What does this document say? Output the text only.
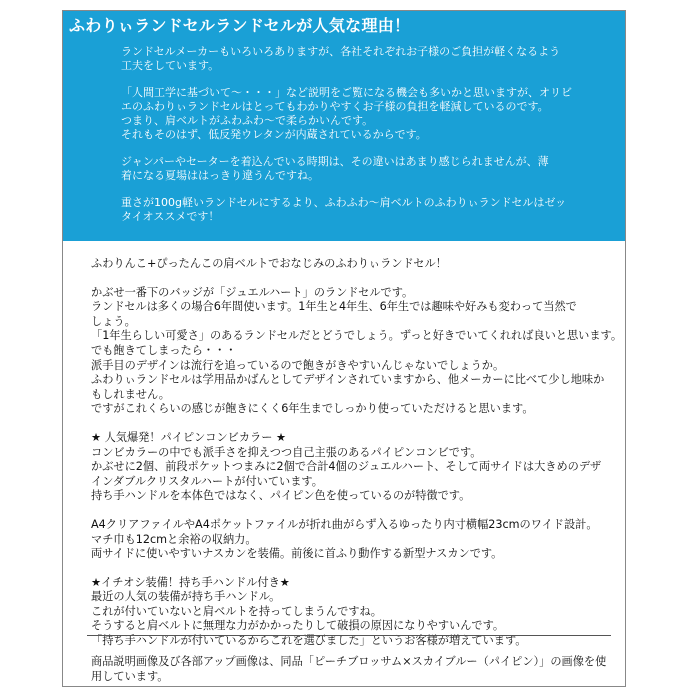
ふわりぃランドセルランドセルが人気な理由！

ランドセルメーカーもいろいろありますが、各社それぞれお子様のご負担が軽くなるよう
工夫をしています。

「人間工学に基づいて～・・・」など説明をご覧になる機会も多いかと思いますが、オリビ
エのふわりぃランドセルはとってもわかりやすくお子様の負担を軽減しているのです。
つまり、肩ベルトがふわふわ～で柔らかいんです。
それもそのはず、低反発ウレタンが内蔵されているからです。

ジャンパーやセーターを着込んでいる時期は、その違いはあまり感じられませんが、薄
着になる夏場ははっきり違うんですね。

重さが100g軽いランドセルにするより、ふわふわ～肩ベルトのふわりぃランドセルはゼッ
タイオススメです！

ふわりんこ+ぴったんこの肩ベルトでおなじみのふわりぃランドセル！

かぶせ一番下のバッジが「ジュエルハート」のランドセルです。
ランドセルは多くの場合6年間使います。1年生と4年生、6年生では趣味や好みも変わって当然で
しょう。
「1年生らしい可愛さ」のあるランドセルだとどうでしょう。ずっと好きでいてくれれば良いと思います。
でも飽きてしまったら・・・
派手目のデザインは流行を追っているので飽きがきやすいんじゃないでしょうか。
ふわりぃランドセルは学用品かばんとしてデザインされていますから、他メーカーに比べて少し地味か
もしれません。
ですがこれくらいの感じが飽きにくく6年生までしっかり使っていただけると思います。

★ 人気爆発！パイピンコンビカラー ★
コンビカラーの中でも派手さを抑えつつ自己主張のあるパイピンコンビです。
かぶせに2個、前段ポケットつまみに2個で合計4個のジュエルハート、そして両サイドは大きめのデザ
インダブルクリスタルハートが付いています。
持ち手ハンドルを本体色ではなく、パイピン色を使っているのが特徴です。

A4クリアファイルやA4ポケットファイルが折れ曲がらず入るゆったり内寸横幅23cmのワイド設計。
マチ巾も12cmと余裕の収納力。
両サイドに使いやすいナスカンを装備。前後に首ふり動作する新型ナスカンです。

★イチオシ装備！持ち手ハンドル付き★
最近の人気の装備が持ち手ハンドル。
これが付いていないと肩ベルトを持ってしまうんですね。
そうすると肩ベルトに無理な力がかかったりして破損の原因になりやすいんです。
「持ち手ハンドルが付いているからこれを選びました」というお客様が増えています。

商品説明画像及び各部アップ画像は、同品「ピーチブロッサム×スカイブルー（パイピン）」の画像を使
用しています。
